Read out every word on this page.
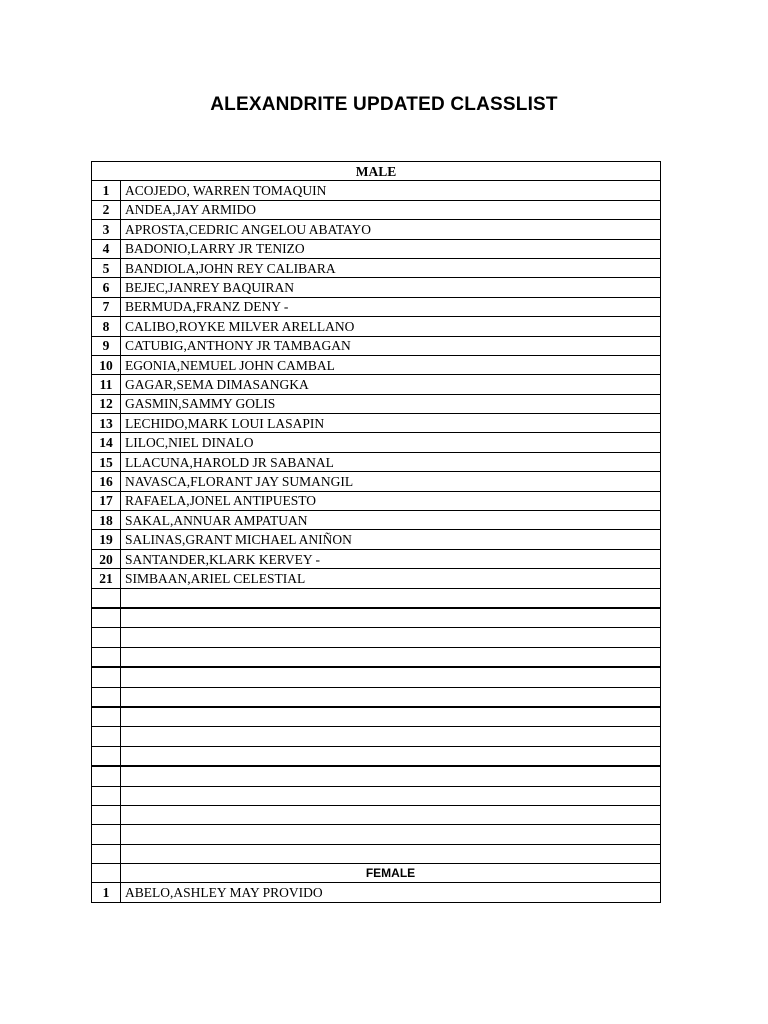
ALEXANDRITE UPDATED CLASSLIST
MALE	
1	ACOJEDO, WARREN TOMAQUIN
2	ANDEA,JAY ARMIDO
3	APROSTA,CEDRIC ANGELOU ABATAYO
4	BADONIO,LARRY JR TENIZO
5	BANDIOLA,JOHN REY CALIBARA
6	BEJEC,JANREY BAQUIRAN
7	BERMUDA,FRANZ DENY -
8	CALIBO,ROYKE MILVER ARELLANO
9	CATUBIG,ANTHONY JR TAMBAGAN
10	EGONIA,NEMUEL JOHN CAMBAL
11	GAGAR,SEMA DIMASANGKA
12	GASMIN,SAMMY GOLIS
13	LECHIDO,MARK LOUI LASAPIN
14	LILOC,NIEL DINALO
15	LLACUNA,HAROLD JR SABANAL
16	NAVASCA,FLORANT JAY SUMANGIL
17	RAFAELA,JONEL ANTIPUESTO
18	SAKAL,ANNUAR AMPATUAN
19	SALINAS,GRANT MICHAEL ANIÑON
20	SANTANDER,KLARK KERVEY -
21	SIMBAAN,ARIEL CELESTIAL

	FEMALE
1	ABELO,ASHLEY MAY PROVIDO
